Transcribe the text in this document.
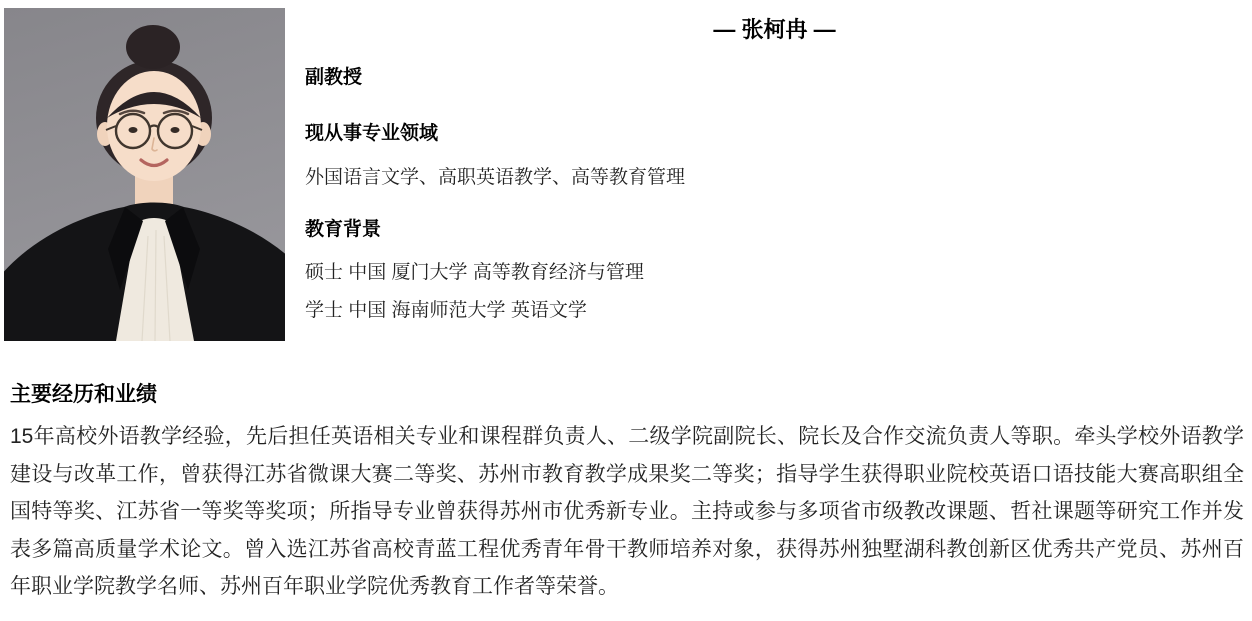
— 张柯冉 —
副教授
现从事专业领域
外国语言文学、高职英语教学、高等教育管理
教育背景
硕士 中国 厦门大学 高等教育经济与管理
学士 中国 海南师范大学 英语文学
主要经历和业绩
15年高校外语教学经验，先后担任英语相关专业和课程群负责人、二级学院副院长、院长及合作交流负责人等职。牵头学校外语教学建设与改革工作，曾获得江苏省微课大赛二等奖、苏州市教育教学成果奖二等奖；指导学生获得职业院校英语口语技能大赛高职组全国特等奖、江苏省一等奖等奖项；所指导专业曾获得苏州市优秀新专业。主持或参与多项省市级教改课题、哲社课题等研究工作并发表多篇高质量学术论文。曾入选江苏省高校青蓝工程优秀青年骨干教师培养对象，获得苏州独墅湖科教创新区优秀共产党员、苏州百年职业学院教学名师、苏州百年职业学院优秀教育工作者等荣誉。
